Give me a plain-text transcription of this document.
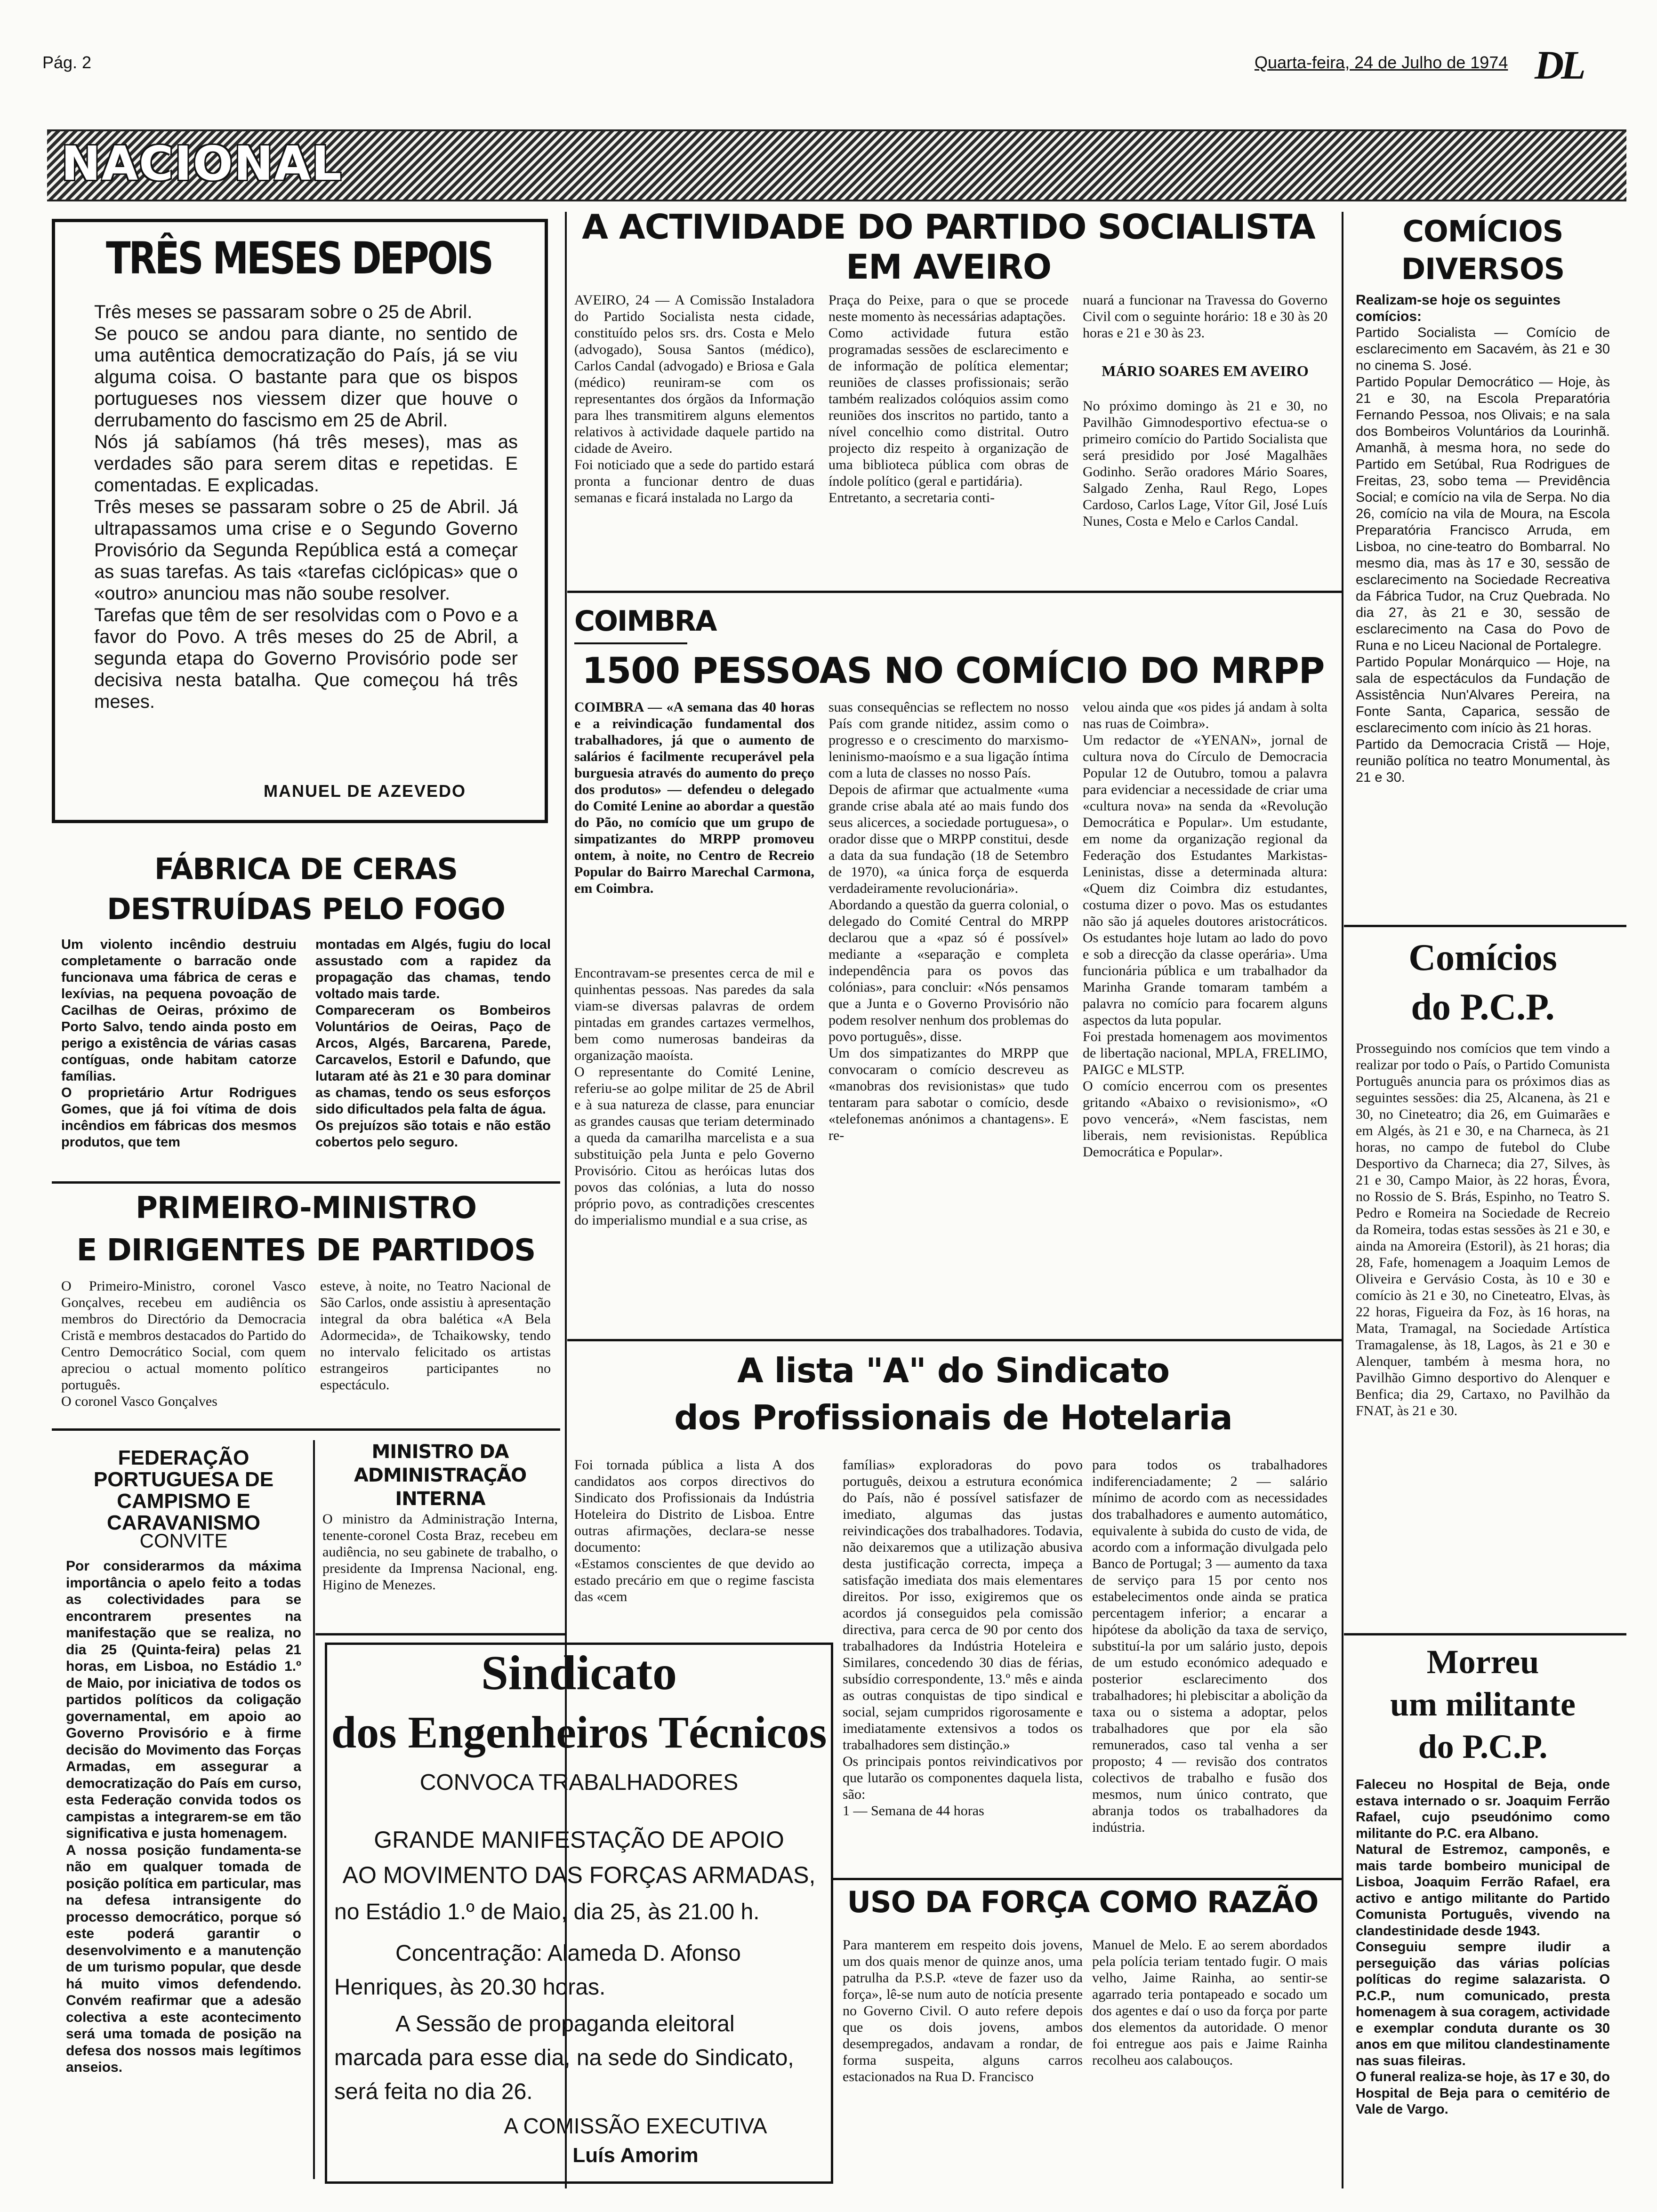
Pág. 2	Quarta-feira, 24 de Julho de 1974 DL
NACIONAL
TRÊS MESES DEPOIS
Três meses se passaram sobre o 25 de Abril.
Se pouco se andou para diante, no sentido de uma autêntica democratização do País, já se viu alguma coisa. O bastante para que os bispos portugueses nos viessem dizer que houve o derrubamento do fascismo em 25 de Abril.
Nós já sabíamos (há três meses), mas as verdades são para serem ditas e repetidas. E comentadas. E explicadas.
Três meses se passaram sobre o 25 de Abril. Já ultrapassamos uma crise e o Segundo Governo Provisório da Segunda República está a começar as suas tarefas. As tais «tarefas ciclópicas» que o «outro» anunciou mas não soube resolver.
Tarefas que têm de ser resolvidas com o Povo e a favor do Povo. A três meses do 25 de Abril, a segunda etapa do Governo Provisório pode ser decisiva nesta batalha. Que começou há três meses.
MANUEL DE AZEVEDO
FÁBRICA DE CERAS
DESTRUÍDAS PELO FOGO
Um violento incêndio destruiu completamente o barracão onde funcionava uma fábrica de ceras e lexívias, na pequena povoação de Cacilhas de Oeiras, próximo de Porto Salvo, tendo ainda posto em perigo a existência de várias casas contíguas, onde habitam catorze famílias.
O proprietário Artur Rodrigues Gomes, que já foi vítima de dois incêndios em fábricas dos mesmos produtos, que tem
montadas em Algés, fugiu do local assustado com a rapidez da propagação das chamas, tendo voltado mais tarde.
Compareceram os Bombeiros Voluntários de Oeiras, Paço de Arcos, Algés, Barcarena, Parede, Carcavelos, Estoril e Dafundo, que lutaram até às 21 e 30 para dominar as chamas, tendo os seus esforços sido dificultados pela falta de água.
Os prejuízos são totais e não estão cobertos pelo seguro.
PRIMEIRO-MINISTRO
E DIRIGENTES DE PARTIDOS
O Primeiro-Ministro, coronel Vasco Gonçalves, recebeu em audiência os membros do Directório da Democracia Cristã e membros destacados do Partido do Centro Democrático Social, com quem apreciou o actual momento político português.
O coronel Vasco Gonçalves
esteve, à noite, no Teatro Nacional de São Carlos, onde assistiu à apresentação integral da obra baléticа «A Bela Adormecida», de Tchaikowsky, tendo no intervalo felicitado os artistas estrangeiros participantes no espectáculo.
FEDERAÇÃO PORTUGUESA DE CAMPISMO E CARAVANISMO
CONVITE
Por considerarmos da máxima importância o apelo feito a todas as colectividades para se encontrarem presentes na manifestação que se realiza, no dia 25 (Quinta-feira) pelas 21 horas, em Lisboa, no Estádio 1.º de Maio, por iniciativa de todos os partidos políticos da coligação governamental, em apoio ao Governo Provisório e à firme decisão do Movimento das Forças Armadas, em assegurar a democratização do País em curso, esta Federação convida todos os campistas a integrarem-se em tão significativa e justa homenagem.
A nossa posição fundamenta-se não em qualquer tomada de posição política em particular, mas na defesa intransigente do processo democrático, porque só este poderá garantir o desenvolvimento e a manutenção de um turismo popular, que desde há muito vimos defendendo. Convém reafirmar que a adesão colectiva a este acontecimento será uma tomada de posição na defesa dos nossos mais legítimos anseios.
MINISTRO DA ADMINISTRAÇÃO INTERNA
O ministro da Administração Interna, tenente-coronel Costa Braz, recebeu em audiência, no seu gabinete de trabalho, o presidente da Imprensa Nacional, eng. Higino de Menezes.
Sindicato
dos Engenheiros Técnicos
CONVOCA TRABALHADORES
GRANDE MANIFESTAÇÃO DE APOIO
AO MOVIMENTO DAS FORÇAS ARMADAS,
no Estádio 1.º de Maio, dia 25, às 21.00 h.
Concentração: Alameda D. Afonso Henriques, às 20.30 horas.
A Sessão de propaganda eleitoral marcada para esse dia, na sede do Sindicato, será feita no dia 26.
A COMISSÃO EXECUTIVA
Luís Amorim
A ACTIVIDADE DO PARTIDO SOCIALISTA
EM AVEIRO
AVEIRO, 24 — A Comissão Instaladora do Partido Socialista nesta cidade, constituído pelos srs. drs. Costa e Melo (advogado), Sousa Santos (médico), Carlos Candal (advogado) e Briosa e Gala (médico) reuniram-se com os representantes dos órgãos da Informação para lhes transmitirem alguns elementos relativos à actividade daquele partido na cidade de Aveiro.
Foi noticiado que a sede do partido estará pronta a funcionar dentro de duas semanas e ficará instalada no Largo da
Praça do Peixe, para o que se procede neste momento às necessárias adaptações.
Como actividade futura estão programadas sessões de esclarecimento e de informação de política elementar; reuniões de classes profissionais; serão também realizados colóquios assim como reuniões dos inscritos no partido, tanto a nível concelhio como distrital. Outro projecto diz respeito à organização de uma biblioteca pública com obras de índole político (geral e partidária).
Entretanto, a secretaria conti-
nuará a funcionar na Travessa do Governo Civil com o seguinte horário: 18 e 30 às 20 horas e 21 e 30 às 23.
MÁRIO SOARES EM AVEIRO
No próximo domingo às 21 e 30, no Pavilhão Gimnodesportivo efectua-se o primeiro comício do Partido Socialista que será presidido por José Magalhães Godinho. Serão oradores Mário Soares, Salgado Zenha, Raul Rego, Lopes Cardoso, Carlos Lage, Vítor Gil, José Luís Nunes, Costa e Melo e Carlos Candal.
COIMBRA
1500 PESSOAS NO COMÍCIO DO MRPP
COIMBRA — «A semana das 40 horas e a reivindicação fundamental dos trabalhadores, já que o aumento de salários é facilmente recuperável pela burguesia através do aumento do preço dos produtos» — defendeu o delegado do Comité Lenine ao abordar a questão do Pão, no comício que um grupo de simpatizantes do MRPP promoveu ontem, à noite, no Centro de Recreio Popular do Bairro Marechal Carmona, em Coimbra.
Encontravam-se presentes cerca de mil e quinhentas pessoas. Nas paredes da sala viam-se diversas palavras de ordem pintadas em grandes cartazes vermelhos, bem como numerosas bandeiras da organização maoísta.
O representante do Comité Lenine, referiu-se ao golpe militar de 25 de Abril e à sua natureza de classe, para enunciar as grandes causas que teriam determinado a queda da camarilha marcelista e a sua substituição pela Junta e pelo Governo Provisório. Citou as heróicas lutas dos povos das colónias, a luta do nosso próprio povo, as contradições crescentes do imperialismo mundial e a sua crise, as
suas consequências se reflectem no nosso País com grande nitidez, assim como o progresso e o crescimento do marxismo-leninismo-maoísmo e a sua ligação íntima com a luta de classes no nosso País.
Depois de afirmar que actualmente «uma grande crise abala até ao mais fundo dos seus alicerces, a sociedade portuguesa», o orador disse que o MRPP constitui, desde a data da sua fundação (18 de Setembro de 1970), «a única força de esquerda verdadeiramente revolucionária».
Abordando a questão da guerra colonial, o delegado do Comité Central do MRPP declarou que a «paz só é possível» mediante a «separação e completa independência para os povos das colónias», para concluir: «Nós pensamos que a Junta e o Governo Provisório não podem resolver nenhum dos problemas do povo português», disse.
Um dos simpatizantes do MRPP que convocaram o comício descreveu as «manobras dos revisionistas» que tudo tentaram para sabotar o comício, desde «telefonemas anónimos a chantagens». E re-
velou ainda que «os pides já andam à solta nas ruas de Coimbra».
Um redactor de «YENAN», jornal de cultura nova do Círculo de Democracia Popular 12 de Outubro, tomou a palavra para evidenciar a necessidade de criar uma «cultura nova» na senda da «Revolução Democrática e Popular». Um estudante, em nome da organização regional da Federação dos Estudantes Markistas-Leninistas, disse a determinada altura: «Quem diz Coimbra diz estudantes, costuma dizer o povo. Mas os estudantes não são já aqueles doutores aristocráticos. Os estudantes hoje lutam ao lado do povo e sob a direcção da classe operária». Uma funcionária pública e um trabalhador da Marinha Grande tomaram também a palavra no comício para focarem alguns aspectos da luta popular.
Foi prestada homenagem aos movimentos de libertação nacional, MPLA, FRELIMO, PAIGC e MLSTP.
O comício encerrou com os presentes gritando «Abaixo o revisionismo», «O povo vencerá», «Nem fascistas, nem liberais, nem revisionistas. República Democrática e Popular».
A lista "A" do Sindicato
dos Profissionais de Hotelaria
Foi tornada pública a lista A dos candidatos aos corpos directivos do Sindicato dos Profissionais da Indústria Hoteleira do Distrito de Lisboa. Entre outras afirmações, declara-se nesse documento:
«Estamos conscientes de que devido ao estado precário em que o regime fascista das «cem
famílias» exploradoras do povo português, deixou a estrutura económica do País, não é possível satisfazer de imediato, algumas das justas reivindicações dos trabalhadores. Todavia, não deixaremos que a utilização abusiva desta justificação correcta, impeça a satisfação imediata dos mais elementares direitos. Por isso, exigiremos que os acordos já conseguidos pela comissão directiva, para cerca de 90 por cento dos trabalhadores da Indústria Hoteleira e Similares, concedendo 30 dias de férias, subsídio correspondente, 13.º mês e ainda as outras conquistas de tipo sindical e social, sejam cumpridos rigorosamente e imediatamente extensivos a todos os trabalhadores sem distinção.»
Os principais pontos reivindicativos por que lutarão os componentes daquela lista, são:
1 — Semana de 44 horas
para todos os trabalhadores indiferenciadamente; 2 — salário mínimo de acordo com as necessidades dos trabalhadores e aumento automático, equivalente à subida do custo de vida, de acordo com a informação divulgada pelo Banco de Portugal; 3 — aumento da taxa de serviço para 15 por cento nos estabelecimentos onde ainda se pratica percentagem inferior; a encarar a hipótese da abolição da taxa de serviço, substituí-la por um salário justo, depois de um estudo económico adequado e posterior esclarecimento dos trabalhadores; hi plebiscitar a abolição da taxa ou o sistema a adoptar, pelos trabalhadores que por ela são remunerados, caso tal venha a ser proposto; 4 — revisão dos contratos colectivos de trabalho e fusão dos mesmos, num único contrato, que abranja todos os trabalhadores da indústria.
USO DA FORÇA COMO RAZÃO
Para manterem em respeito dois jovens, um dos quais menor de quinze anos, uma patrulha da P.S.P. «teve de fazer uso da força», lê-se num auto de notícia presente no Governo Civil. O auto refere depois que os dois jovens, ambos desempregados, andavam a rondar, de forma suspeita, alguns carros estacionados na Rua D. Francisco
Manuel de Melo. E ao serem abordados pela polícia teriam tentado fugir. O mais velho, Jaime Rainha, ao sentir-se agarrado teria pontapeado e socado um dos agentes e daí o uso da força por parte dos elementos da autoridade. O menor foi entregue aos pais e Jaime Rainha recolheu aos calabouços.
COMÍCIOS
DIVERSOS
Realizam-se hoje os seguintes comícios:
Partido Socialista — Comício de esclarecimento em Sacavém, às 21 e 30 no cinema S. José.
Partido Popular Democrático — Hoje, às 21 e 30, na Escola Preparatória Fernando Pessoa, nos Olivais; e na sala dos Bombeiros Voluntários da Lourinhã. Amanhã, à mesma hora, no sede do Partido em Setúbal, Rua Rodrigues de Freitas, 23, sobo tema — Previdência Social; e comício na vila de Serpa. No dia 26, comício na vila de Moura, na Escola Preparatória Francisco Arruda, em Lisboa, no cine-teatro do Bombarral. No mesmo dia, mas às 17 e 30, sessão de esclarecimento na Sociedade Recreativa da Fábrica Tudor, na Cruz Quebrada. No dia 27, às 21 e 30, sessão de esclarecimento na Casa do Povo de Runa e no Liceu Nacional de Portalegre.
Partido Popular Monárquico — Hoje, na sala de espectáculos da Fundação de Assistência Nun'Alvares Pereira, na Fonte Santa, Caparica, sessão de esclarecimento com início às 21 horas.
Partido da Democracia Cristã — Hoje, reunião política no teatro Monumental, às 21 e 30.
Comícios
do P.C.P.
Prosseguindo nos comícios que tem vindo a realizar por todo o País, o Partido Comunista Português anuncia para os próximos dias as seguintes sessões: dia 25, Alcanena, às 21 e 30, no Cineteatro; dia 26, em Guimarães e em Algés, às 21 e 30, e na Charneca, às 21 horas, no campo de futebol do Clube Desportivo da Charneca; dia 27, Silves, às 21 e 30, Campo Maior, às 22 horas, Évora, no Rossio de S. Brás, Espinho, no Teatro S. Pedro e Romeira na Sociedade de Recreio da Romeira, todas estas sessões às 21 e 30, e ainda na Amoreira (Estoril), às 21 horas; dia 28, Fafe, homenagem a Joaquim Lemos de Oliveira e Gervásio Costa, às 10 e 30 e comício às 21 e 30, no Cineteatro, Elvas, às 22 horas, Figueira da Foz, às 16 horas, na Mata, Tramagal, na Sociedade Artística Tramagalense, às 18, Lagos, às 21 e 30 e Alenquer, também à mesma hora, no Pavilhão Gimno desportivo do Alenquer e Benfica; dia 29, Cartaxo, no Pavilhão da FNAT, às 21 e 30.
Morreu
um militante
do P.C.P.
Faleceu no Hospital de Beja, onde estava internado o sr. Joaquim Ferrão Rafael, cujo pseudónimo como militante do P.C. era Albano.
Natural de Estremoz, camponês, e mais tarde bombeiro municipal de Lisboa, Joaquim Ferrão Rafael, era activo e antigo militante do Partido Comunista Português, vivendo na clandestinidade desde 1943.
Conseguiu sempre iludir a perseguição das várias polícias políticas do regime salazarista. O P.C.P., num comunicado, presta homenagem à sua coragem, actividade e exemplar conduta durante os 30 anos em que militou clandestinamente nas suas fileiras.
O funeral realiza-se hoje, às 17 e 30, do Hospital de Beja para o cemitério de Vale de Vargo.
